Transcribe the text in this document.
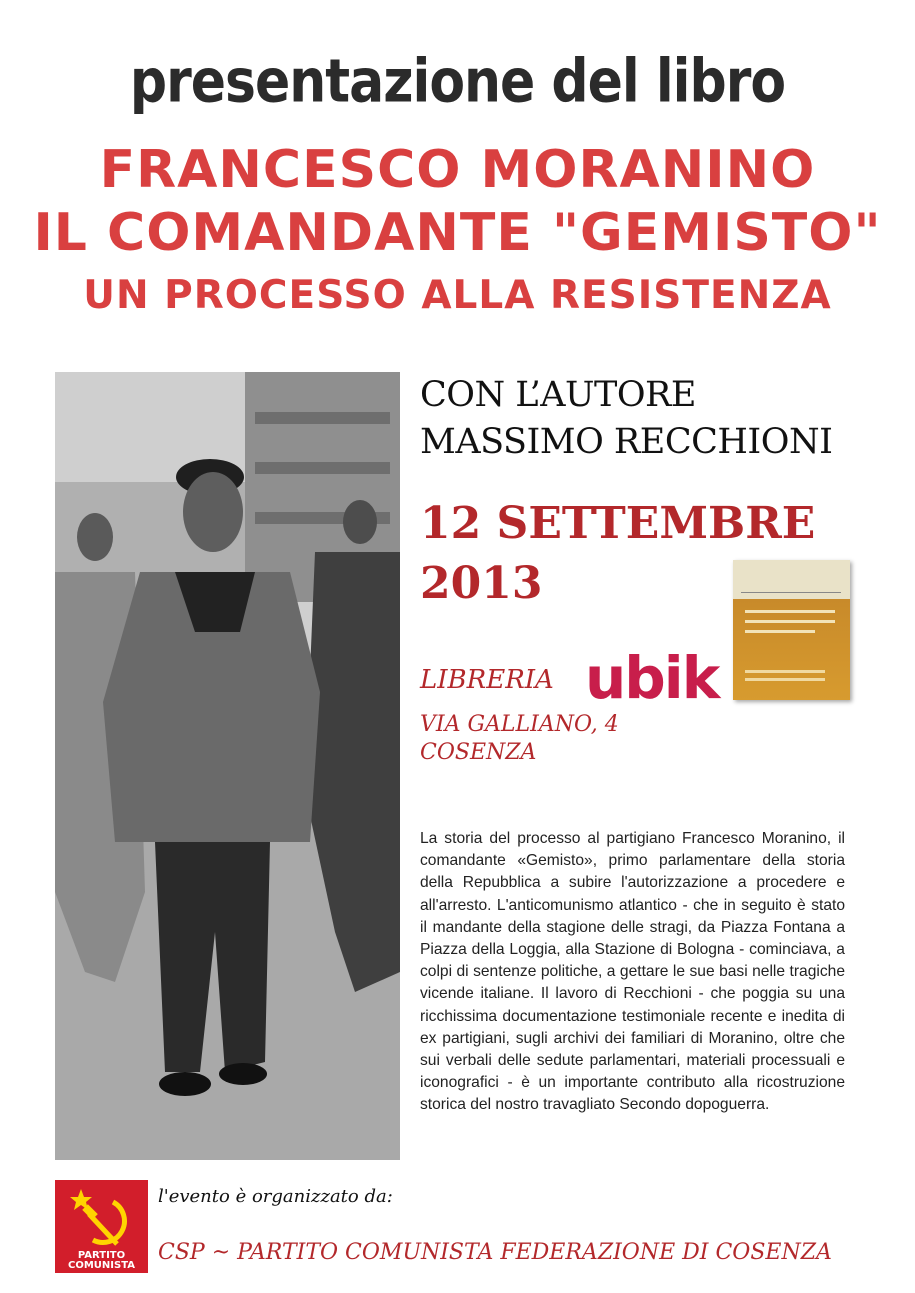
presentazione del libro
FRANCESCO MORANINO
IL COMANDANTE "GEMISTO"
UN PROCESSO ALLA RESISTENZA
CON L’AUTORE
MASSIMO RECCHIONI
12 SETTEMBRE
2013
LIBRERIA ubik
VIA GALLIANO, 4
COSENZA
La storia del processo al partigiano Francesco Moranino, il comandante «Gemisto», primo parlamentare della storia della Repubblica a subire l'autorizzazione a procedere e all'arresto. L'anticomunismo atlantico - che in seguito è stato il mandante della stagione delle stragi, da Piazza Fontana a Piazza della Loggia, alla Stazione di Bologna - cominciava, a colpi di sentenze politiche, a gettare le sue basi nelle tragiche vicende italiane. Il lavoro di Recchioni - che poggia su una ricchissima documentazione testimoniale recente e inedita di ex partigiani, sugli archivi dei familiari di Moranino, oltre che sui verbali delle sedute parlamentari, materiali processuali e iconografici - è un importante contributo alla ricostruzione storica del nostro travagliato Secondo dopoguerra.
PARTITO
COMUNISTA
l'evento è organizzato da:
CSP ~ PARTITO COMUNISTA FEDERAZIONE DI COSENZA
